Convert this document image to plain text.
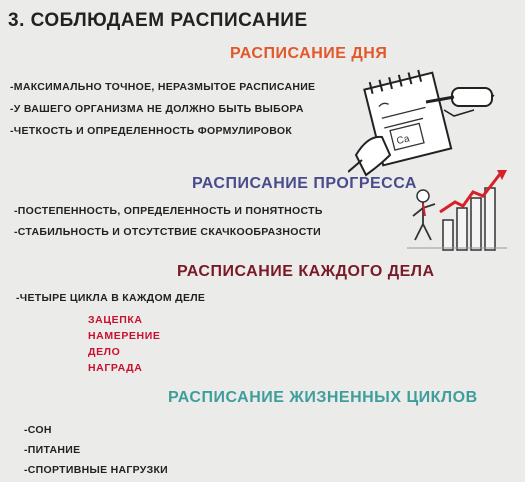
3. СОБЛЮДАЕМ РАСПИСАНИЕ
РАСПИСАНИЕ ДНЯ
-МАКСИМАЛЬНО ТОЧНОЕ, НЕРАЗМЫТОЕ РАСПИСАНИЕ
-У ВАШЕГО ОРГАНИЗМА НЕ ДОЛЖНО БЫТЬ ВЫБОРА
-ЧЕТКОСТЬ И ОПРЕДЕЛЕННОСТЬ ФОРМУЛИРОВОК
Ca
РАСПИСАНИЕ ПРОГРЕССА
-ПОСТЕПЕННОСТЬ, ОПРЕДЕЛЕННОСТЬ И ПОНЯТНОСТЬ
-СТАБИЛЬНОСТЬ И ОТСУТСТВИЕ СКАЧКООБРАЗНОСТИ
РАСПИСАНИЕ КАЖДОГО ДЕЛА
-ЧЕТЫРЕ ЦИКЛА В КАЖДОМ ДЕЛЕ
ЗАЦЕПКА
НАМЕРЕНИЕ
ДЕЛО
НАГРАДА
РАСПИСАНИЕ ЖИЗНЕННЫХ ЦИКЛОВ
-СОН
-ПИТАНИЕ
-СПОРТИВНЫЕ НАГРУЗКИ
